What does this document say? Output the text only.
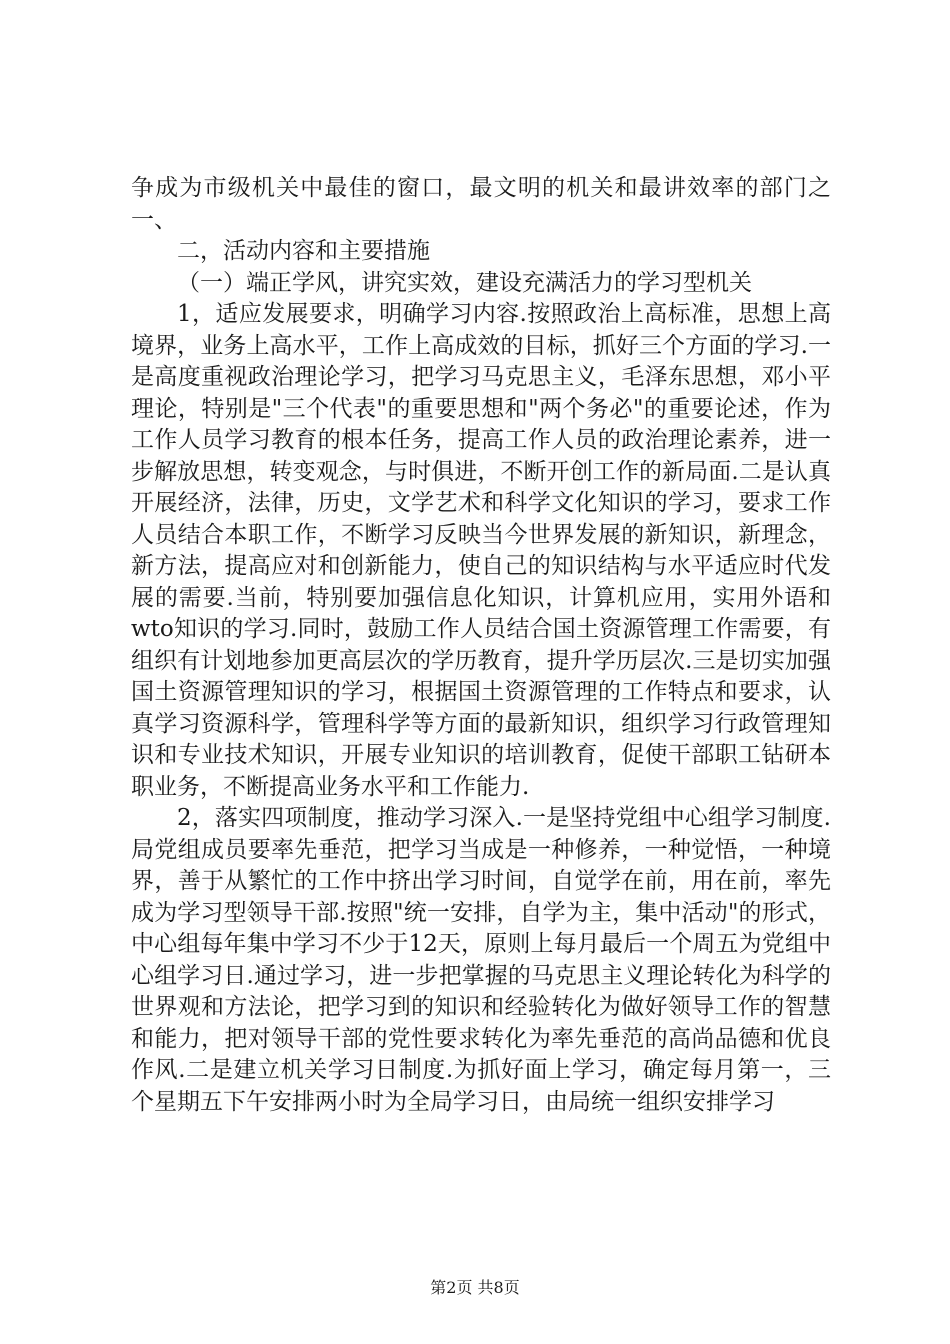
争成为市级机关中最佳的窗口，最文明的机关和最讲效率的部门之一、

二，活动内容和主要措施

（一）端正学风，讲究实效，建设充满活力的学习型机关

1，适应发展要求，明确学习内容.按照政治上高标准，思想上高境界，业务上高水平，工作上高成效的目标，抓好三个方面的学习.一是高度重视政治理论学习，把学习马克思主义，毛泽东思想，邓小平理论，特别是"三个代表"的重要思想和"两个务必"的重要论述，作为工作人员学习教育的根本任务，提高工作人员的政治理论素养，进一步解放思想，转变观念，与时俱进，不断开创工作的新局面.二是认真开展经济，法律，历史，文学艺术和科学文化知识的学习，要求工作人员结合本职工作，不断学习反映当今世界发展的新知识，新理念，新方法，提高应对和创新能力，使自己的知识结构与水平适应时代发展的需要.当前，特别要加强信息化知识，计算机应用，实用外语和wto知识的学习.同时，鼓励工作人员结合国土资源管理工作需要，有组织有计划地参加更高层次的学历教育，提升学历层次.三是切实加强国土资源管理知识的学习，根据国土资源管理的工作特点和要求，认真学习资源科学，管理科学等方面的最新知识，组织学习行政管理知识和专业技术知识，开展专业知识的培训教育，促使干部职工钻研本职业务，不断提高业务水平和工作能力.

2，落实四项制度，推动学习深入.一是坚持党组中心组学习制度.局党组成员要率先垂范，把学习当成是一种修养，一种觉悟，一种境界，善于从繁忙的工作中挤出学习时间，自觉学在前，用在前，率先成为学习型领导干部.按照"统一安排，自学为主，集中活动"的形式，中心组每年集中学习不少于12天，原则上每月最后一个周五为党组中心组学习日.通过学习，进一步把掌握的马克思主义理论转化为科学的世界观和方法论，把学习到的知识和经验转化为做好领导工作的智慧和能力，把对领导干部的党性要求转化为率先垂范的高尚品德和优良作风.二是建立机关学习日制度.为抓好面上学习，确定每月第一，三个星期五下午安排两小时为全局学习日，由局统一组织安排学习

第2页 共8页
